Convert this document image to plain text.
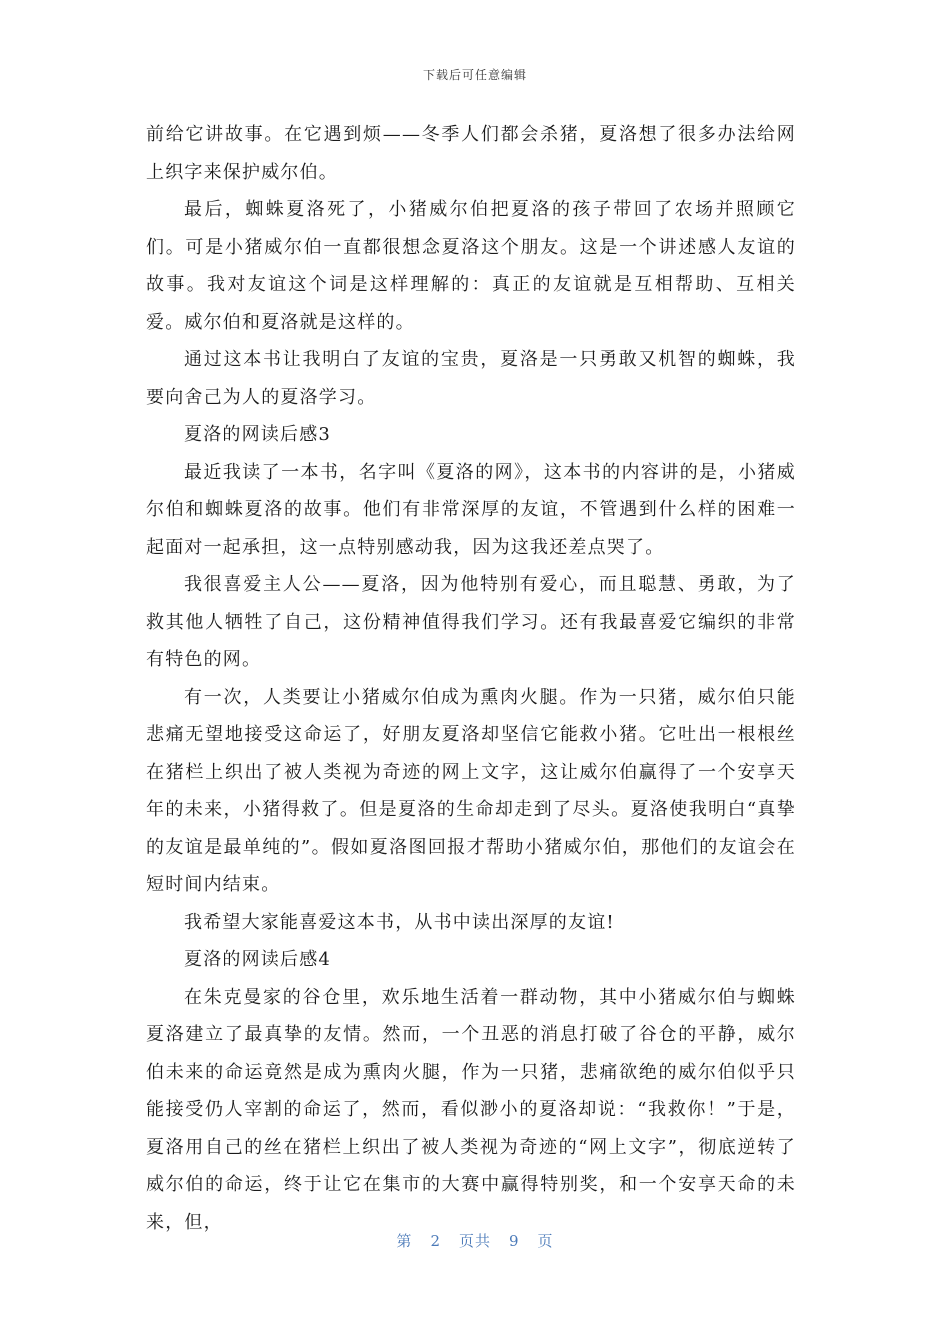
下载后可任意编辑

前给它讲故事。在它遇到烦——冬季人们都会杀猪，夏洛想了很多办法给网上织字来保护威尔伯。

最后，蜘蛛夏洛死了，小猪威尔伯把夏洛的孩子带回了农场并照顾它们。可是小猪威尔伯一直都很想念夏洛这个朋友。这是一个讲述感人友谊的故事。我对友谊这个词是这样理解的：真正的友谊就是互相帮助、互相关爱。威尔伯和夏洛就是这样的。

通过这本书让我明白了友谊的宝贵，夏洛是一只勇敢又机智的蜘蛛，我要向舍己为人的夏洛学习。

夏洛的网读后感3

最近我读了一本书，名字叫《夏洛的网》，这本书的内容讲的是，小猪威尔伯和蜘蛛夏洛的故事。他们有非常深厚的友谊，不管遇到什么样的困难一起面对一起承担，这一点特别感动我，因为这我还差点哭了。

我很喜爱主人公——夏洛，因为他特别有爱心，而且聪慧、勇敢，为了救其他人牺牲了自己，这份精神值得我们学习。还有我最喜爱它编织的非常有特色的网。

有一次，人类要让小猪威尔伯成为熏肉火腿。作为一只猪，威尔伯只能悲痛无望地接受这命运了，好朋友夏洛却坚信它能救小猪。它吐出一根根丝在猪栏上织出了被人类视为奇迹的网上文字，这让威尔伯赢得了一个安享天年的未来，小猪得救了。但是夏洛的生命却走到了尽头。夏洛使我明白“真挚的友谊是最单纯的”。假如夏洛图回报才帮助小猪威尔伯，那他们的友谊会在短时间内结束。

我希望大家能喜爱这本书，从书中读出深厚的友谊!

夏洛的网读后感4

在朱克曼家的谷仓里，欢乐地生活着一群动物，其中小猪威尔伯与蜘蛛夏洛建立了最真挚的友情。然而，一个丑恶的消息打破了谷仓的平静，威尔伯未来的命运竟然是成为熏肉火腿，作为一只猪，悲痛欲绝的威尔伯似乎只能接受仍人宰割的命运了，然而，看似渺小的夏洛却说：“我救你！”于是，夏洛用自己的丝在猪栏上织出了被人类视为奇迹的“网上文字”，彻底逆转了威尔伯的命运，终于让它在集市的大赛中赢得特别奖，和一个安享天命的未来，但，

第 2 页共 9 页
